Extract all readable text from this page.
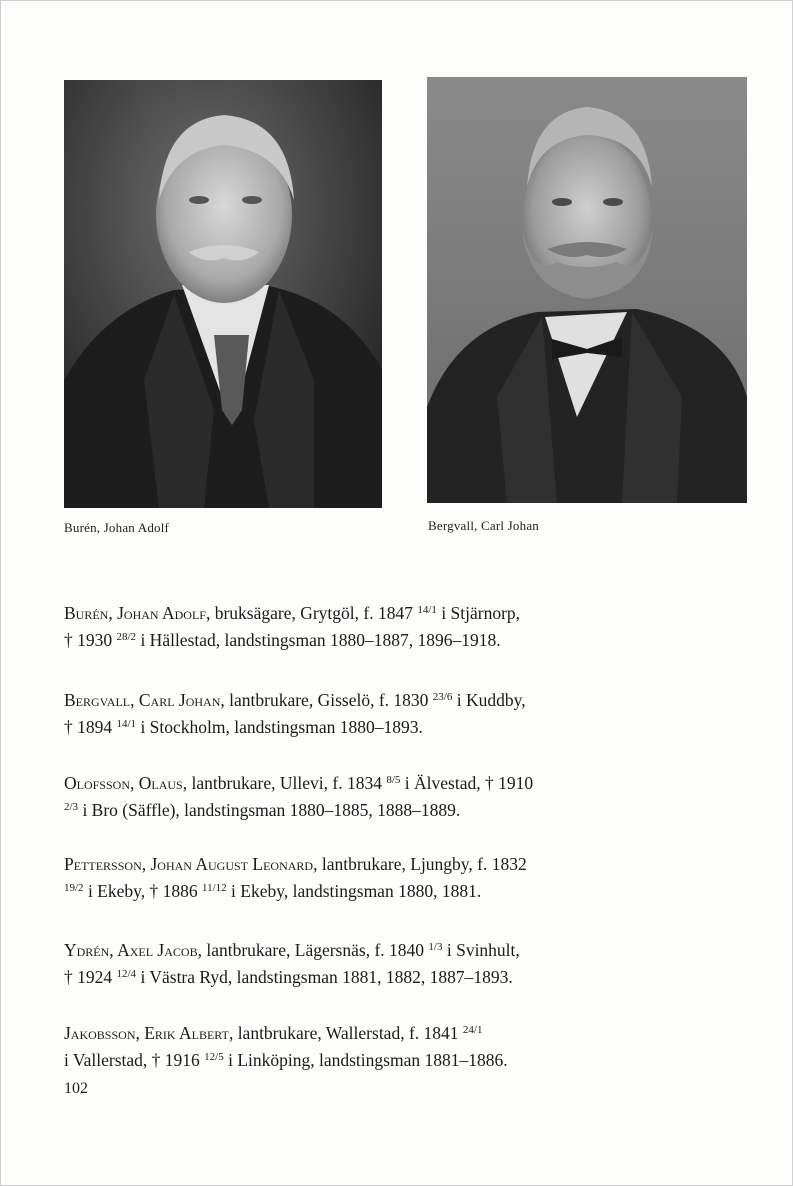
Burén, Johan Adolf	Bergvall, Carl Johan

Burén, Johan Adolf, bruksägare, Grytgöl, f. 1847 $^{14/1}$ i Stjärnorp,

† 1930 $^{28/2}$ i Hällestad, landstingsman 1880–1887, 1896–1918.

Bergvall, Carl Johan, lantbrukare, Gisselö, f. 1830 $^{23/6}$ i Kuddby,

† 1894 $^{14/1}$ i Stockholm, landstingsman 1880–1893.

Olofsson, Olaus, lantbrukare, Ullevi, f. 1834 $^{8/5}$ i Älvestad, † 1910

$^{2/3}$ i Bro (Säffle), landstingsman 1880–1885, 1888–1889.

Pettersson, Johan August Leonard, lantbrukare, Ljungby, f. 1832

$^{19/2}$ i Ekeby, † 1886 $^{11/12}$ i Ekeby, landstingsman 1880, 1881.

Ydrén, Axel Jacob, lantbrukare, Lägersnäs, f. 1840 $^{1/3}$ i Svinhult,

† 1924 $^{12/4}$ i Västra Ryd, landstingsman 1881, 1882, 1887–1893.

Jakobsson, Erik Albert, lantbrukare, Wallerstad, f. 1841 $^{24/1}$

i Vallerstad, † 1916 $^{12/5}$ i Linköping, landstingsman 1881–1886.

102
